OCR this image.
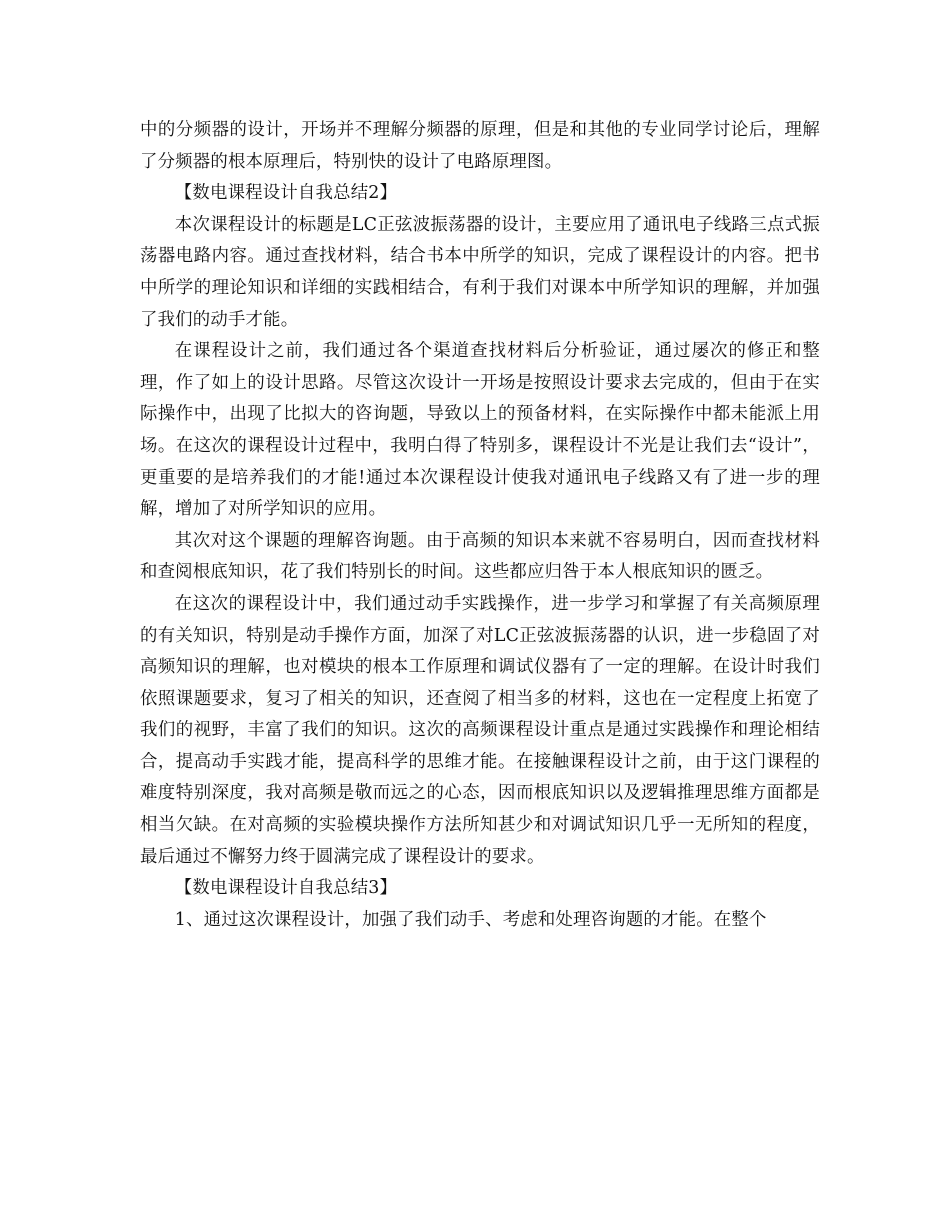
中的分频器的设计，开场并不理解分频器的原理，但是和其他的专业同学讨论后，理解了分频器的根本原理后，特别快的设计了电路原理图。

【数电课程设计自我总结2】

本次课程设计的标题是LC正弦波振荡器的设计，主要应用了通讯电子线路三点式振荡器电路内容。通过查找材料，结合书本中所学的知识，完成了课程设计的内容。把书中所学的理论知识和详细的实践相结合，有利于我们对课本中所学知识的理解，并加强了我们的动手才能。

在课程设计之前，我们通过各个渠道查找材料后分析验证，通过屡次的修正和整理，作了如上的设计思路。尽管这次设计一开场是按照设计要求去完成的，但由于在实际操作中，出现了比拟大的咨询题，导致以上的预备材料，在实际操作中都未能派上用场。在这次的课程设计过程中，我明白得了特别多，课程设计不光是让我们去“设计”，更重要的是培养我们的才能!通过本次课程设计使我对通讯电子线路又有了进一步的理解，增加了对所学知识的应用。

其次对这个课题的理解咨询题。由于高频的知识本来就不容易明白，因而查找材料和查阅根底知识，花了我们特别长的时间。这些都应归咎于本人根底知识的匮乏。

在这次的课程设计中，我们通过动手实践操作，进一步学习和掌握了有关高频原理的有关知识，特别是动手操作方面，加深了对LC正弦波振荡器的认识，进一步稳固了对高频知识的理解，也对模块的根本工作原理和调试仪器有了一定的理解。在设计时我们依照课题要求，复习了相关的知识，还查阅了相当多的材料，这也在一定程度上拓宽了我们的视野，丰富了我们的知识。这次的高频课程设计重点是通过实践操作和理论相结合，提高动手实践才能，提高科学的思维才能。在接触课程设计之前，由于这门课程的难度特别深度，我对高频是敬而远之的心态，因而根底知识以及逻辑推理思维方面都是相当欠缺。在对高频的实验模块操作方法所知甚少和对调试知识几乎一无所知的程度，最后通过不懈努力终于圆满完成了课程设计的要求。

【数电课程设计自我总结3】

1、通过这次课程设计，加强了我们动手、考虑和处理咨询题的才能。在整个
